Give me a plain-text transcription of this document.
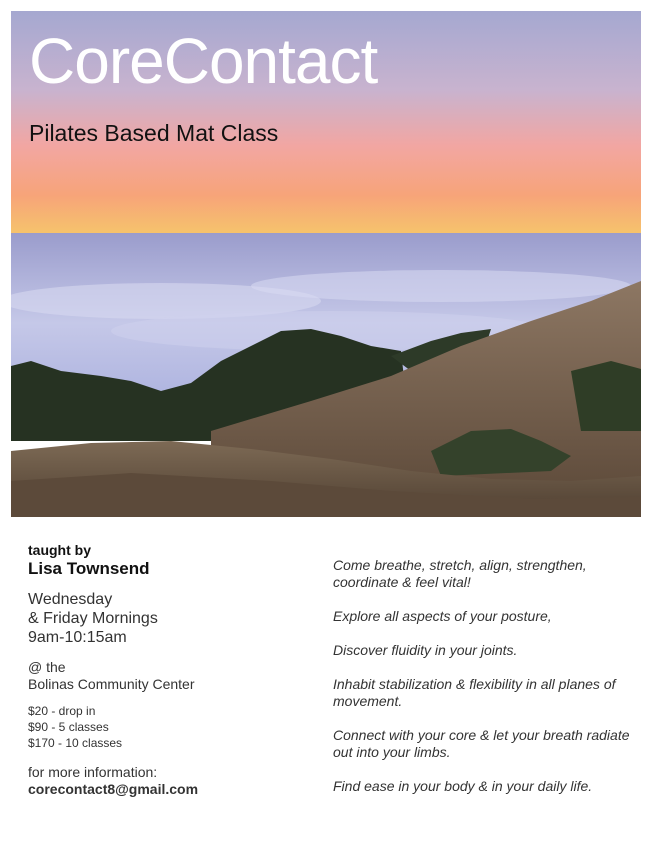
CoreContact
Pilates Based Mat Class
taught by
Lisa Townsend
Wednesday
& Friday Mornings
9am-10:15am
@ the
Bolinas Community Center
$20 - drop in
$90 - 5 classes
$170 - 10 classes
for more information:
corecontact8@gmail.com

Come breathe, stretch, align, strengthen, coordinate & feel vital!

Explore all aspects of your posture,

Discover fluidity in your joints.

Inhabit stabilization & flexibility in all planes of movement.

Connect with your core & let your breath radiate out into your limbs.

Find ease in your body & in your daily life.
